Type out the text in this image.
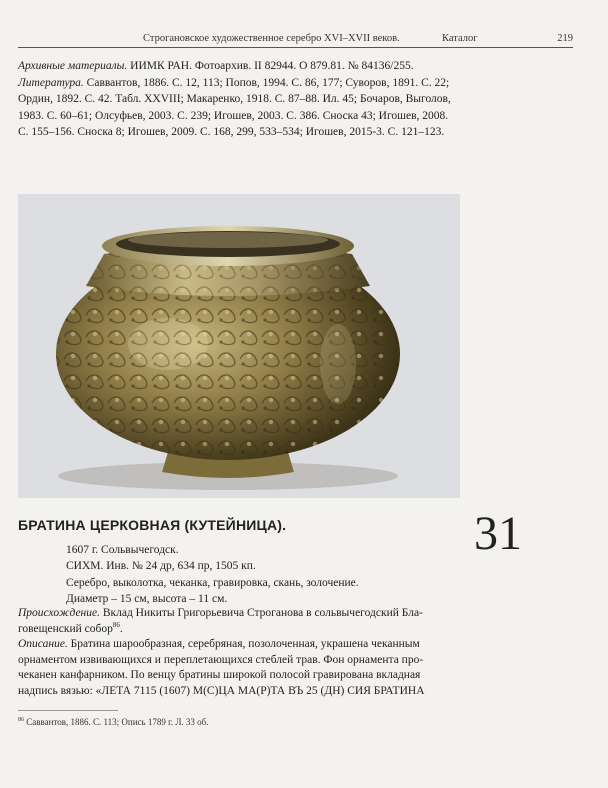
Строгановское художественное серебро XVI–XVII веков.	Каталог	219

Архивные материалы. ИИМК РАН. Фотоархив. II 82944. О 879.81. № 84136/255.

Литература. Саввантов, 1886. С. 12, 113; Попов, 1994. С. 86, 177; Суворов, 1891. С. 22;

Ордин, 1892. С. 42. Табл. XXVIII; Макаренко, 1918. С. 87–88. Ил. 45; Бочаров, Выголов,

1983. С. 60–61; Олсуфьев, 2003. С. 239; Игошев, 2003. С. 386. Сноска 43; Игошев, 2008.

С. 155–156. Сноска 8; Игошев, 2009. С. 168, 299, 533–534; Игошев, 2015-3. С. 121–123.

БРАТИНА ЦЕРКОВНАЯ (КУТЕЙНИЦА).	31

1607 г. Сольвычегодск.

СИХМ. Инв. № 24 др, 634 пр, 1505 кп.

Серебро, выколотка, чеканка, гравировка, скань, золочение.

Диаметр – 15 см, высота – 11 см.

Происхождение. Вклад Никиты Григорьевича Строганова в сольвычегодский Бла-

говещенский собор$^{86}$.

Описание. Братина шарообразная, серебряная, позолоченная, украшена чеканным

орнаментом извивающихся и переплетающихся стеблей трав. Фон орнамента про-

чеканен канфарником. По венцу братины широкой полосой гравирована вкладная

надпись вязью: «ЛЕТА 7115 (1607) М(С)ЦА МА(Р)ТА ВЪ 25 (ДН) СИЯ БРАТИНА

$^{86}$ Саввантов, 1886. С. 113; Опись 1789 г. Л. 33 об.
